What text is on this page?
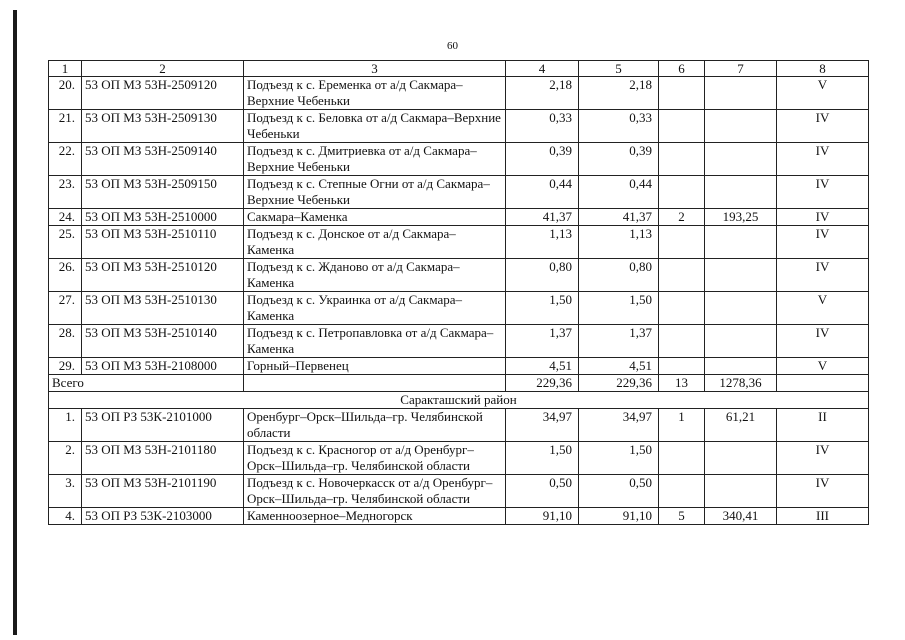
60
1	2	3	4	5	6	7	8
20.	53 ОП МЗ 53Н-2509120	Подъезд к с. Еременка от а/д Сакмара–Верхние Чебеньки	2,18	2,18			V
21.	53 ОП МЗ 53Н-2509130	Подъезд к с. Беловка от а/д Сакмара–Верхние Чебеньки	0,33	0,33			IV
22.	53 ОП МЗ 53Н-2509140	Подъезд к с. Дмитриевка от а/д Сакмара–Верхние Чебеньки	0,39	0,39			IV
23.	53 ОП МЗ 53Н-2509150	Подъезд к с. Степные Огни от а/д Сакмара–Верхние Чебеньки	0,44	0,44			IV
24.	53 ОП МЗ 53Н-2510000	Сакмара–Каменка	41,37	41,37	2	193,25	IV
25.	53 ОП МЗ 53Н-2510110	Подъезд к с. Донское от а/д Сакмара–Каменка	1,13	1,13			IV
26.	53 ОП МЗ 53Н-2510120	Подъезд к с. Жданово от а/д Сакмара–Каменка	0,80	0,80			IV
27.	53 ОП МЗ 53Н-2510130	Подъезд к с. Украинка от а/д Сакмара–Каменка	1,50	1,50			V
28.	53 ОП МЗ 53Н-2510140	Подъезд к с. Петропавловка от а/д Сакмара–Каменка	1,37	1,37			IV
29.	53 ОП МЗ 53Н-2108000	Горный–Первенец	4,51	4,51			V
Всего			229,36	229,36	13	1278,36	
Саракташский район							
1.	53 ОП РЗ 53К-2101000	Оренбург–Орск–Шильда–гр. Челябинской области	34,97	34,97	1	61,21	II
2.	53 ОП МЗ 53Н-2101180	Подъезд к с. Красногор от а/д Оренбург–Орск–Шильда–гр. Челябинской области	1,50	1,50			IV
3.	53 ОП МЗ 53Н-2101190	Подъезд к с. Новочеркасск от а/д Оренбург–Орск–Шильда–гр. Челябинской области	0,50	0,50			IV
4.	53 ОП РЗ 53К-2103000	Каменноозерное–Медногорск	91,10	91,10	5	340,41	III
